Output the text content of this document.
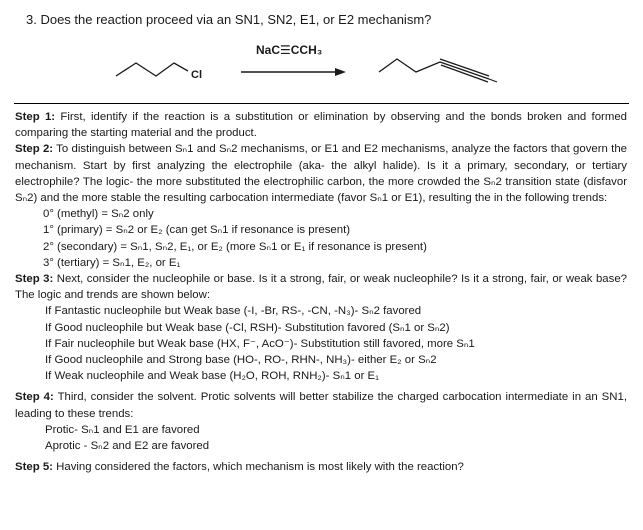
3. Does the reaction proceed via an SN1, SN2, E1, or E2 mechanism?
Cl
NaC☰CCH₃

Step 1: First, identify if the reaction is a substitution or elimination by observing and the bonds broken and formed comparing the starting material and the product.

Step 2: To distinguish between Sₙ1 and Sₙ2 mechanisms, or E1 and E2 mechanisms, analyze the factors that govern the mechanism. Start by first analyzing the electrophile (aka- the alkyl halide). Is it a primary, secondary, or tertiary electrophile? The logic- the more substituted the electrophilic carbon, the more crowded the Sₙ2 transition state (disfavor Sₙ2) and the more stable the resulting carbocation intermediate (favor Sₙ1 or E1), resulting the in the following trends:

0° (methyl) = Sₙ2 only
1° (primary) = Sₙ2 or E₂ (can get Sₙ1 if resonance is present)
2° (secondary) = Sₙ1, Sₙ2, E₁, or E₂ (more Sₙ1 or E₁ if resonance is present)
3° (tertiary) = Sₙ1, E₂, or E₁

Step 3: Next, consider the nucleophile or base. Is it a strong, fair, or weak nucleophile? Is it a strong, fair, or weak base? The logic and trends are shown below:

If Fantastic nucleophile but Weak base (-I, -Br, RS-, -CN, -N₃)- Sₙ2 favored
If Good nucleophile but Weak base (-Cl, RSH)- Substitution favored (Sₙ1 or Sₙ2)
If Fair nucleophile but Weak base (HX, F⁻, AcO⁻)- Substitution still favored, more Sₙ1
If Good nucleophile and Strong base (HO-, RO-, RHN-, NH₃)- either E₂ or Sₙ2
If Weak nucleophile and Weak base (H₂O, ROH, RNH₂)- Sₙ1 or E₁

Step 4: Third, consider the solvent. Protic solvents will better stabilize the charged carbocation intermediate in an SN1, leading to these trends:

Protic- Sₙ1 and E1 are favored
Aprotic - Sₙ2 and E2 are favored

Step 5: Having considered the factors, which mechanism is most likely with the reaction?
